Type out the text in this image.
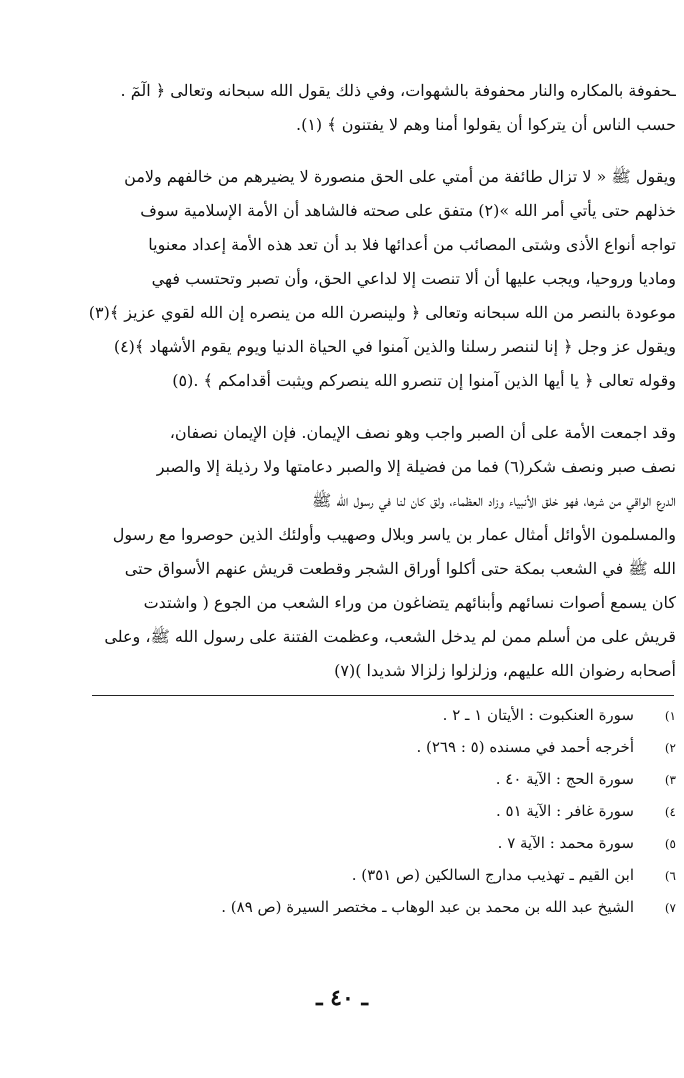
ـحفوفة بالمكاره والنار محفوفة بالشهوات، وفي ذلك يقول الله سبحانه وتعالى ﴿ الٓمٓ .
حسب الناس أن يتركوا أن يقولوا أمنا وهم لا يفتنون ﴾ (١).
ويقول ﷺ « لا تزال طائفة من أمتي على الحق منصورة لا يضيرهم من خالفهم ولامن
خذلهم حتى يأتي أمر الله »(٢) متفق على صحته فالشاهد أن الأمة الإسلامية سوف
تواجه أنواع الأذى وشتى المصائب من أعدائها فلا بد أن تعد هذه الأمة إعداد معنويا
وماديا وروحيا، ويجب عليها أن ألا تنصت إلا لداعي الحق، وأن تصبر وتحتسب فهي
موعودة بالنصر من الله سبحانه وتعالى ﴿ ولينصرن الله من ينصره إن الله لقوي عزيز ﴾(٣)
ويقول عز وجل ﴿ إنا لننصر رسلنا والذين آمنوا في الحياة الدنيا ويوم يقوم الأشهاد ﴾(٤)
وقوله تعالى ﴿ يا أيها الذين آمنوا إن تنصرو الله ينصركم ويثبت أقدامكم ﴾ .(٥)
وقد اجمعت الأمة على أن الصبر واجب وهو نصف الإيمان. فإن الإيمان نصفان،
نصف صبر ونصف شكر(٦) فما من فضيلة إلا والصبر دعامتها ولا رذيلة إلا والصبر
الدرع الواقي من شرها، فهو خلق الأنبياء وزاد العظماء، ولق كان لنا في رسول الله ﷺ
والمسلمون الأوائل أمثال عمار بن ياسر وبلال وصهيب وأولئك الذين حوصروا مع رسول
الله ﷺ في الشعب بمكة حتى أكلوا أوراق الشجر وقطعت قريش عنهم الأسواق حتى
كان يسمع أصوات نسائهم وأبنائهم يتضاغون من وراء الشعب من الجوع ( واشتدت
قريش على من أسلم ممن لم يدخل الشعب، وعظمت الفتنة على رسول الله ﷺ، وعلى
أصحابه رضوان الله عليهم، وزلزلوا زلزالا شديدا )(٧)
١)
سورة العنكبوت : الأيتان ١ ـ ٢ .
٢)
أخرجه أحمد في مسنده (٥ : ٢٦٩) .
٣)
سورة الحج : الآية ٤٠ .
٤)
سورة غافر : الآية ٥١ .
٥)
سورة محمد : الآية ٧ .
٦)
ابن القيم ـ تهذيب مدارج السالكين (ص ٣٥١) .
٧)
الشيخ عبد الله بن محمد بن عبد الوهاب ـ مختصر السيرة (ص ٨٩) .
ـ ٤٠ ـ
